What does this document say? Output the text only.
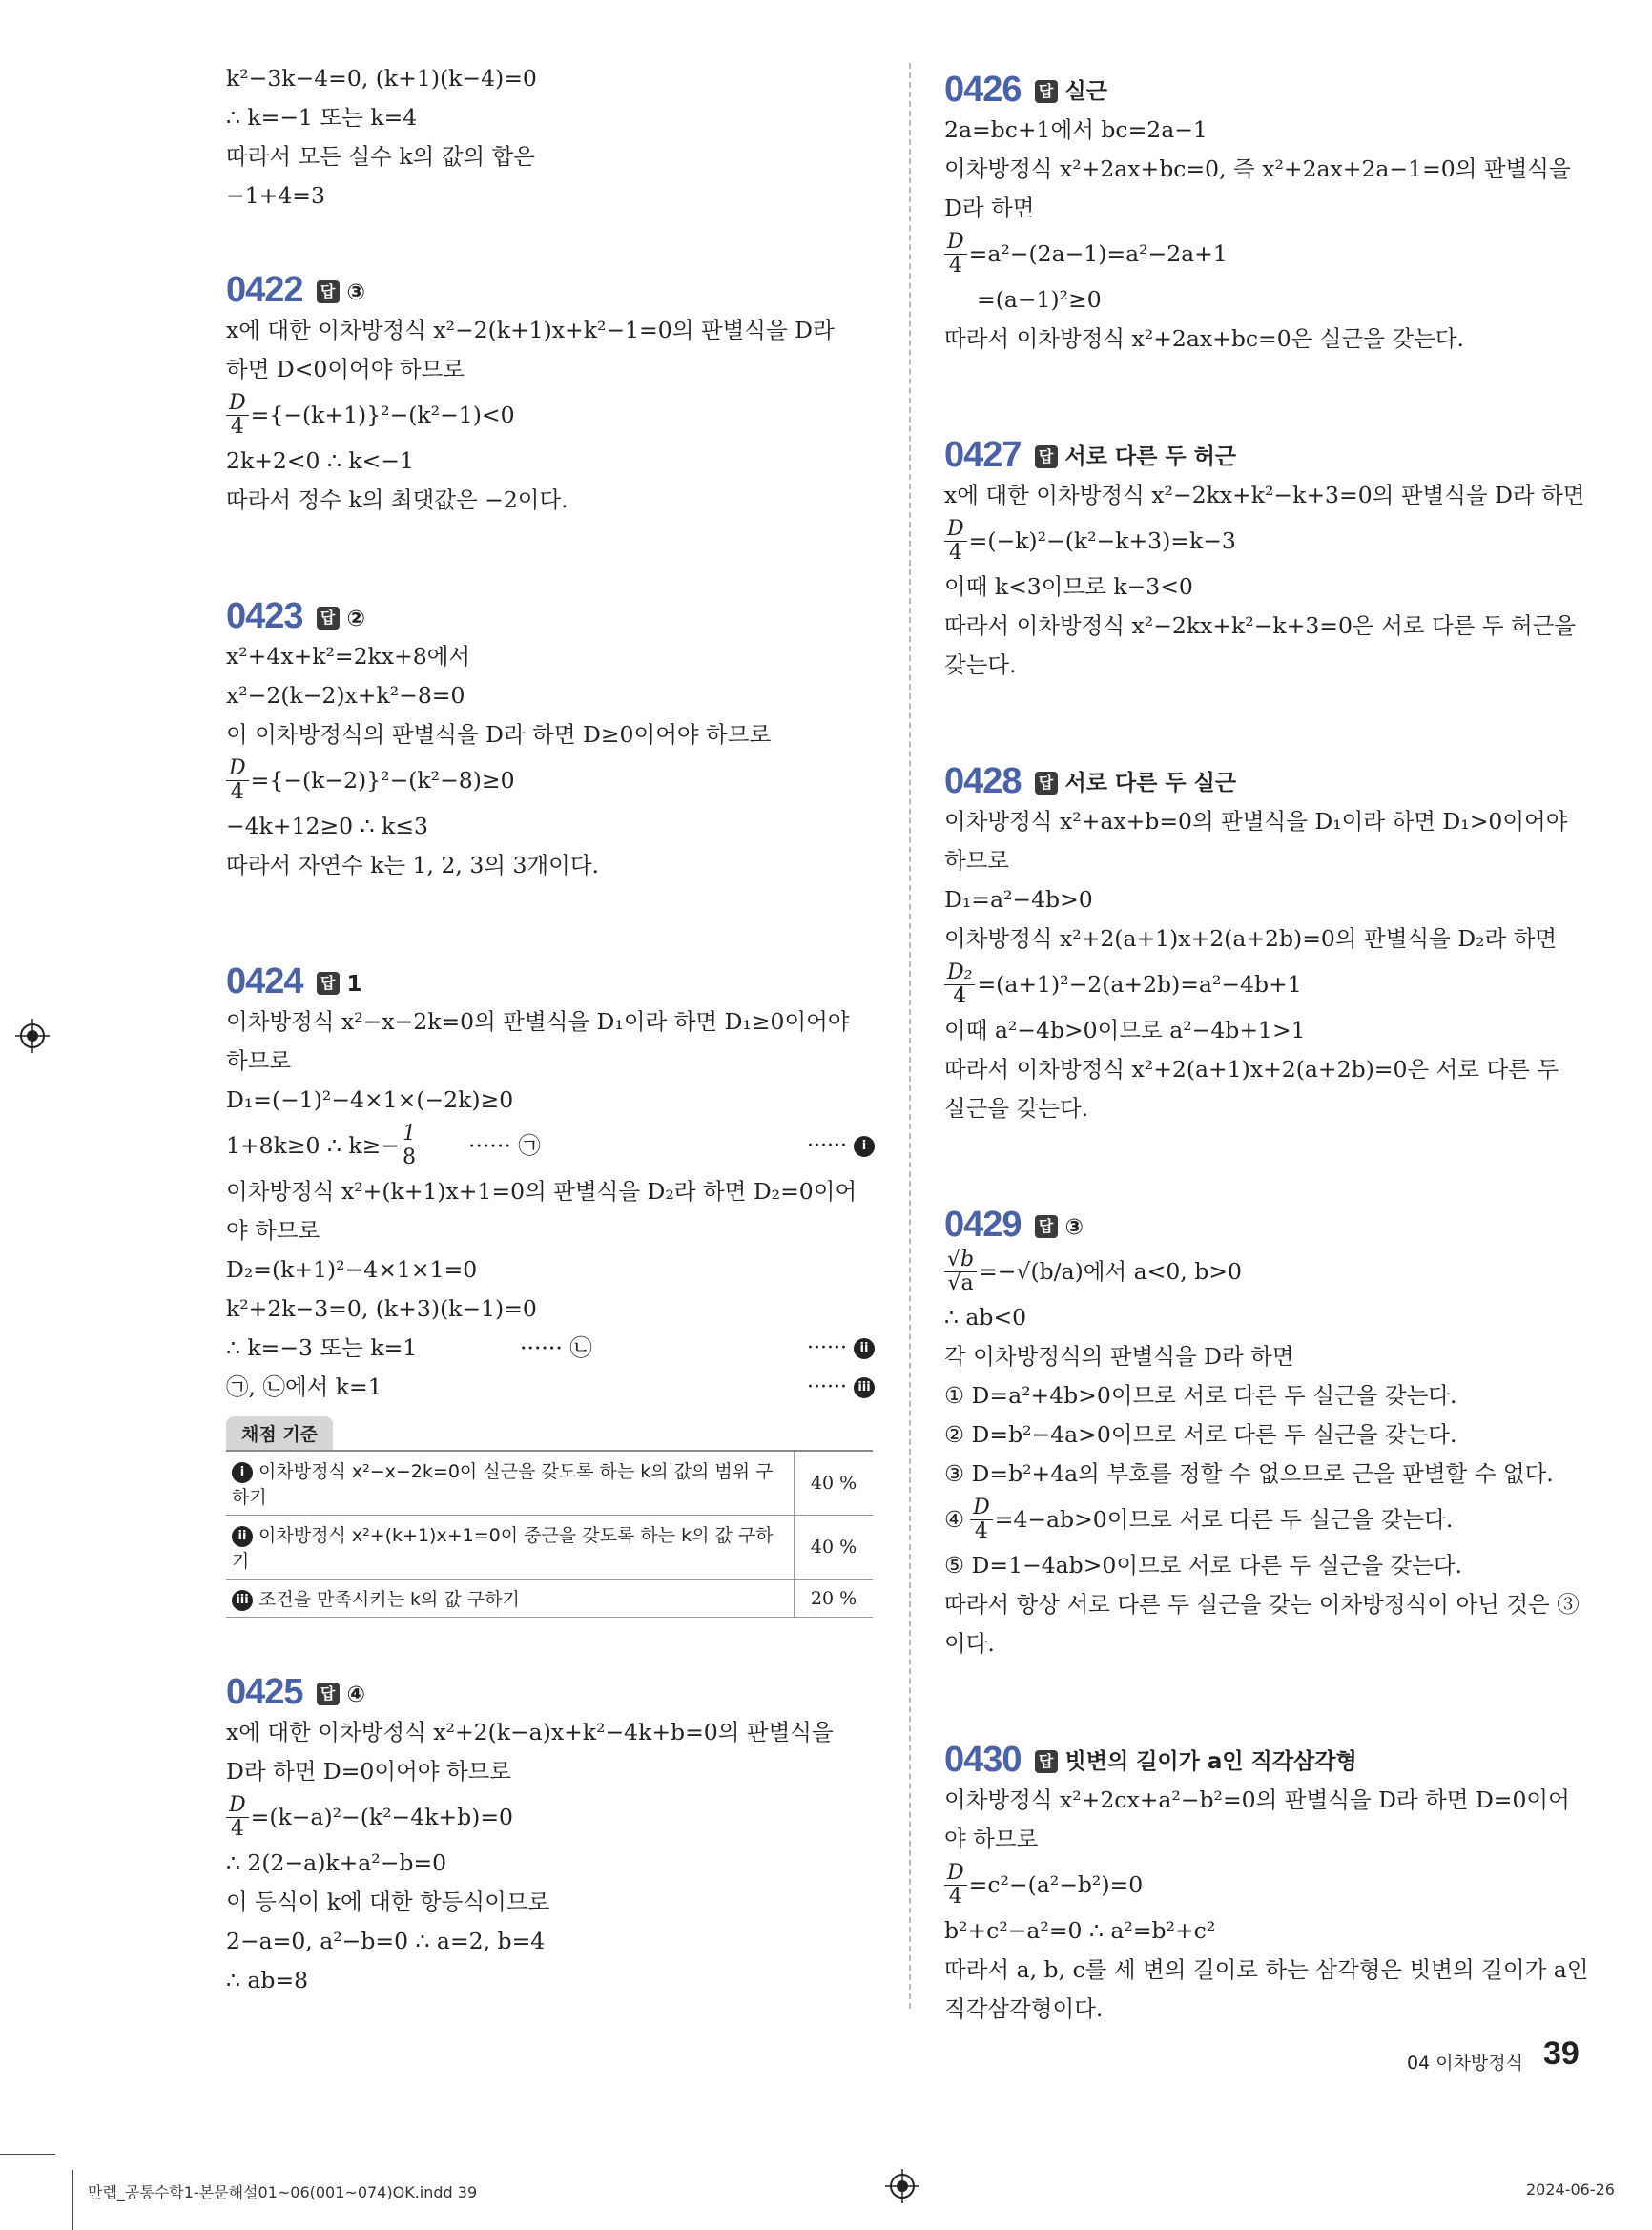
k²−3k−4=0, (k+1)(k−4)=0
∴ k=−1 또는 k=4
따라서 모든 실수 k의 값의 합은
−1+4=3
0422 답 ③
x에 대한 이차방정식 x²−2(k+1)x+k²−1=0의 판별식을 D라
하면 D<0이어야 하므로
$\frac{D}{4} =\{-(k+1)\}^2-(k^2-1)<0$
2k+2<0 ∴ k<−1
따라서 정수 k의 최댓값은 −2이다.
0423 답 ②
x²+4x+k²=2kx+8에서
x²−2(k−2)x+k²−8=0
이 이차방정식의 판별식을 D라 하면 D≥0이어야 하므로
$\frac{D}{4} =\{-(k-2)\}^2-(k^2-8)\ge 0$
−4k+12≥0 ∴ k≤3
따라서 자연수 k는 1, 2, 3의 3개이다.
0424 답 1
이차방정식 x²−x−2k=0의 판별식을 D₁이라 하면 D₁≥0이어야
하므로
D₁=(−1)²−4×1×(−2k)≥0
1+8k≥0 ∴ $k\ge- \frac{1}{8}$ ······ ㉠	······ i
이차방정식 x²+(k+1)x+1=0의 판별식을 D₂라 하면 D₂=0이어
야 하므로
D₂=(k+1)²−4×1×1=0
k²+2k−3=0, (k+3)(k−1)=0
∴ k=−3 또는 k=1	······ ㉡	······ ii
㉠, ㉡에서 k=1	······ iii
채점 기준
i 이차방정식 x²−x−2k=0이 실근을 갖도록 하는 k의 값의 범위 구하기	40 %
ii 이차방정식 x²+(k+1)x+1=0이 중근을 갖도록 하는 k의 값 구하기	40 %
iii 조건을 만족시키는 k의 값 구하기	20 %
0425 답 ④
x에 대한 이차방정식 x²+2(k−a)x+k²−4k+b=0의 판별식을
D라 하면 D=0이어야 하므로
$\frac{D}{4} =(k-a)^2-(k^2-4k+b)=0$
∴ 2(2−a)k+a²−b=0
이 등식이 k에 대한 항등식이므로
2−a=0, a²−b=0 ∴ a=2, b=4
∴ ab=8
0426 답 실근
2a=bc+1에서 bc=2a−1
이차방정식 x²+2ax+bc=0, 즉 x²+2ax+2a−1=0의 판별식을
D라 하면
$\frac{D}{4} =a^2-(2a-1)=a^2-2a+1$
=(a−1)²≥0
따라서 이차방정식 x²+2ax+bc=0은 실근을 갖는다.
0427 답 서로 다른 두 허근
x에 대한 이차방정식 x²−2kx+k²−k+3=0의 판별식을 D라 하면
$\frac{D}{4} =(-k)^2-(k^2-k+3)=k-3$
이때 k<3이므로 k−3<0
따라서 이차방정식 x²−2kx+k²−k+3=0은 서로 다른 두 허근을
갖는다.
0428 답 서로 다른 두 실근
이차방정식 x²+ax+b=0의 판별식을 D₁이라 하면 D₁>0이어야
하므로
D₁=a²−4b>0
이차방정식 x²+2(a+1)x+2(a+2b)=0의 판별식을 D₂라 하면
$\frac{\text{D₂}}{4} =(a+1)^2-2(a+2b)=a^2-4b+1$
이때 a²−4b>0이므로 a²−4b+1>1
따라서 이차방정식 x²+2(a+1)x+2(a+2b)=0은 서로 다른 두
실근을 갖는다.
0429 답 ③
$\frac{√b}{√a} =-√(b/a)$에서 a<0, b>0
∴ ab<0
각 이차방정식의 판별식을 D라 하면
① D=a²+4b>0이므로 서로 다른 두 실근을 갖는다.
② D=b²−4a>0이므로 서로 다른 두 실근을 갖는다.
③ D=b²+4a의 부호를 정할 수 없으므로 근을 판별할 수 없다.
④ $\frac{D}{4} =4-ab>0$이므로 서로 다른 두 실근을 갖는다.
⑤ D=1−4ab>0이므로 서로 다른 두 실근을 갖는다.
따라서 항상 서로 다른 두 실근을 갖는 이차방정식이 아닌 것은 ③
이다.
0430 답 빗변의 길이가 a인 직각삼각형
이차방정식 x²+2cx+a²−b²=0의 판별식을 D라 하면 D=0이어
야 하므로
$\frac{D}{4} =c^2-(a^2-b^2)=0$
b²+c²−a²=0 ∴ a²=b²+c²
따라서 a, b, c를 세 변의 길이로 하는 삼각형은 빗변의 길이가 a인
직각삼각형이다.
04 이차방정식 39
만렙_공통수학1-본문해설01~06(001~074)OK.indd 39	2024-06-26
